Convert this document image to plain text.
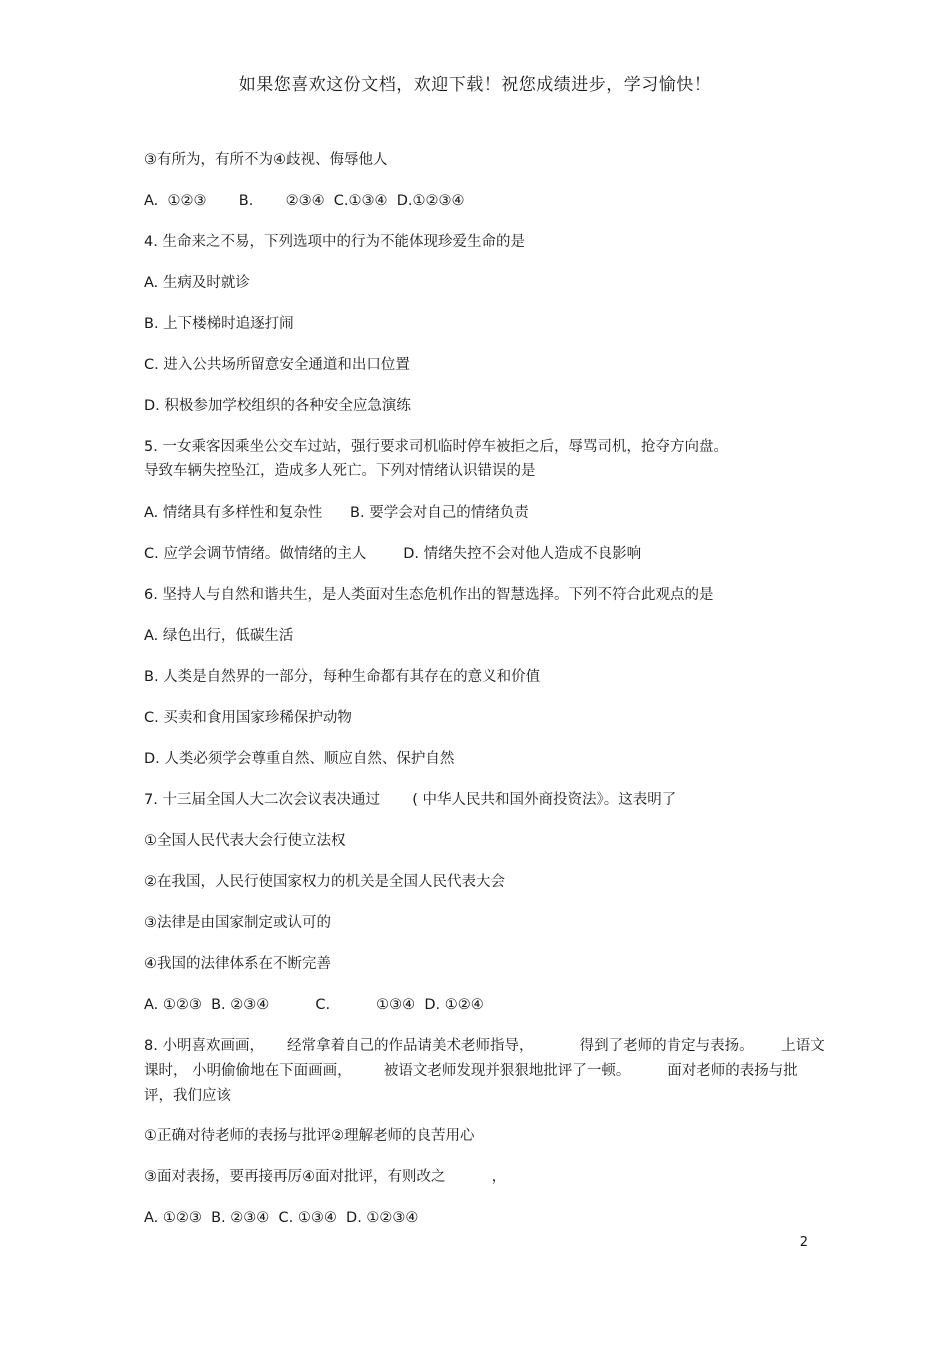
如果您喜欢这份文档，欢迎下载！祝您成绩进步，学习愉快！
③有所为，有所不为④歧视、侮辱他人
A.  ①②③       B.       ②③④  C.①③④  D.①②③④
4. 生命来之不易，下列选项中的行为不能体现珍爱生命的是
A. 生病及时就诊
B. 上下楼梯时追逐打闹
C. 进入公共场所留意安全通道和出口位置
D. 积极参加学校组织的各种安全应急演练
5. 一女乘客因乘坐公交车过站，强行要求司机临时停车被拒之后，辱骂司机，抢夺方向盘。
导致车辆失控坠江，造成多人死亡。下列对情绪认识错误的是
A. 情绪具有多样性和复杂性      B. 要学会对自己的情绪负责
C. 应学会调节情绪。做情绪的主人        D. 情绪失控不会对他人造成不良影响
6. 坚持人与自然和谐共生，是人类面对生态危机作出的智慧选择。下列不符合此观点的是
A. 绿色出行，低碳生活
B. 人类是自然界的一部分，每种生命都有其存在的意义和价值
C. 买卖和食用国家珍稀保护动物
D. 人类必须学会尊重自然、顺应自然、保护自然
7. 十三届全国人大二次会议表决通过       ( 中华人民共和国外商投资法》。这表明了
①全国人民代表大会行使立法权
②在我国，人民行使国家权力的机关是全国人民代表大会
③法律是由国家制定或认可的
④我国的法律体系在不断完善
A. ①②③  B. ②③④          C.          ①③④  D. ①②④
8. 小明喜欢画画，     经常拿着自己的作品请美术老师指导，          得到了老师的肯定与表扬。      上语文
课时， 小明偷偷地在下面画画，       被语文老师发现并狠狠地批评了一顿。        面对老师的表扬与批
评，我们应该
①正确对待老师的表扬与批评②理解老师的良苦用心
③面对表扬，要再接再厉④面对批评，有则改之          ，
A. ①②③  B. ②③④  C. ①③④  D. ①②③④
2
